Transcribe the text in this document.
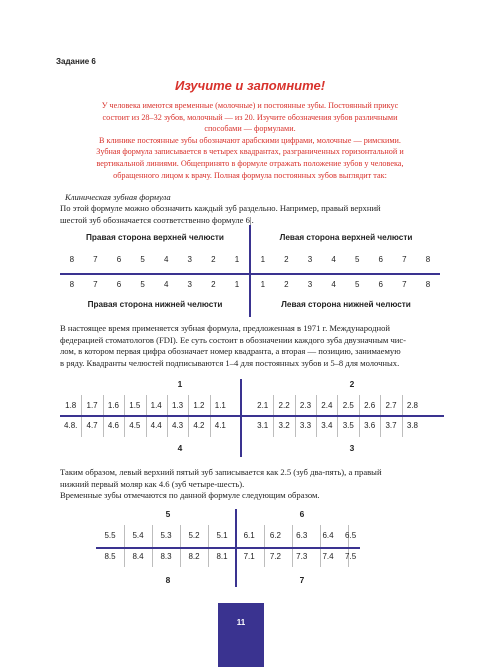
Задание 6
Изучите и запомните!
У человека имеются временные (молочные) и постоянные зубы. Постоянный прикус
состоит из 28–32 зубов, молочный — из 20. Изучите обозначения зубов различными
способами — формулами.
В клинике постоянные зубы обозначают арабскими цифрами, молочные — римскими.
Зубная формула записывается в четырех квадрантах, разграниченных горизонтальной и
вертикальной линиями. Общепринято в формуле отражать положение зубов у человека,
обращенного лицом к врачу. Полная формула постоянных зубов выглядит так:
Клиническая зубная формула
По этой формуле можно обозначить каждый зуб раздельно. Например, правый верхний
шестой зуб обозначается соответственно формуле 6|.
Правая сторона верхней челюсти	Левая сторона верхней челюсти
8	7	6	5	4	3	2	1	1	2	3	4	5	6	7	8
8	7	6	5	4	3	2	1	1	2	3	4	5	6	7	8
Правая сторона нижней челюсти	Левая сторона нижней челюсти
В настоящее время применяется зубная формула, предложенная в 1971 г. Международной
федерацией стоматологов (FDI). Ее суть состоит в обозначении каждого зуба двузначным чис-
лом, в котором первая цифра обозначает номер квадранта, а вторая — позицию, занимаемую
в ряду. Квадранты челюстей подписываются 1–4 для постоянных зубов и 5–8 для молочных.
1	2
1.8	1.7	1.6	1.5	1.4	1.3	1.2	1.1	2.1	2.2	2.3	2.4	2.5	2.6	2.7	2.8
4.8.	4.7	4.6	4.5	4.4	4.3	4.2	4.1	3.1	3.2	3.3	3.4	3.5	3.6	3.7	3.8
4	3
Таким образом, левый верхний пятый зуб записывается как 2.5 (зуб два-пять), а правый
нижний первый моляр как 4.6 (зуб четыре-шесть).
Временные зубы отмечаются по данной формуле следующим образом.
5	6
5.5	5.4	5.3	5.2	5.1	6.1	6.2	6.3	6.4	6.5
8.5	8.4	8.3	8.2	8.1	7.1	7.2	7.3	7.4	7.5
8	7
11
